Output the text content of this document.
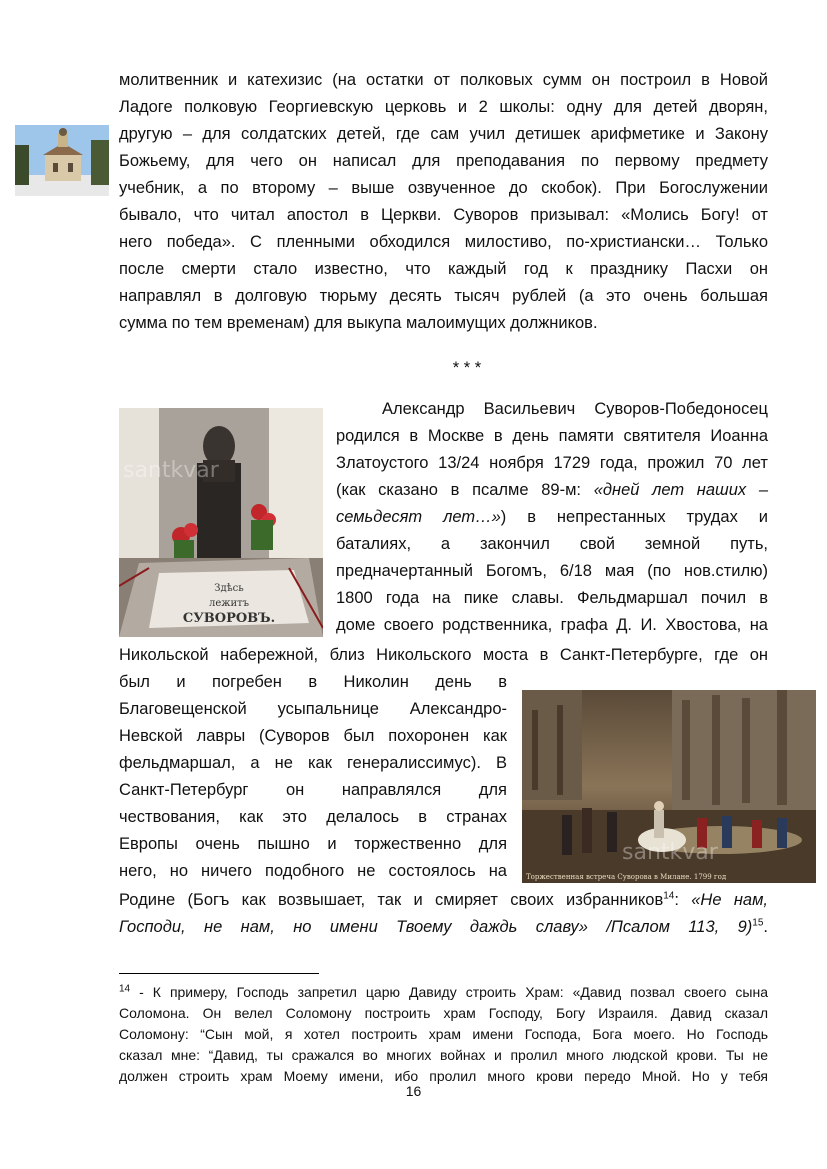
молитвенник и катехизис (на остатки от полковых сумм он построил в Новой
Ладоге полковую Георгиевскую церковь и 2 школы: одну для детей дворян,
другую – для солдатских детей, где сам учил детишек арифметике и Закону
Божьему, для чего он написал для преподавания по первому предмету
учебник, а по второму – выше озвученное до скобок). При Богослужении
бывало, что читал апостол в Церкви. Суворов призывал: «Молись Богу! от
него победа». С пленными обходился милостиво, по-христиански… Только
после смерти стало известно, что каждый год к празднику Пасхи он
направлял в долговую тюрьму десять тысяч рублей (а это очень большая
сумма по тем временам) для выкупа малоимущих должников.
* * *
Здѣсь
лежитъ
СУВОРОВЪ.
santkvar
Александр Васильевич Суворов-Победоносец
родился в Москве в день памяти святителя Иоанна
Златоустого 13/24 ноября 1729 года, прожил 70 лет
(как сказано в псалме 89-м: «дней лет наших –
семьдесят лет…») в непрестанных трудах и
баталиях, а закончил свой земной путь,
предначертанный Богомъ, 6/18 мая (по нов.стилю)
1800 года на пике славы. Фельдмаршал почил в
доме своего родственника, графа Д. И. Хвостова, на
Никольской набережной, близ Никольского моста в Санкт-Петербурге, где он
santkvar
Торжественная встреча Суворова в Милане. 1799 год
был и погребен в Николин день в
Благовещенской усыпальнице Александро-
Невской лавры (Суворов был похоронен как
фельдмаршал, а не как генералиссимус). В
Санкт-Петербург он направлялся для
чествования, как это делалось в странах
Европы очень пышно и торжественно для
него, но ничего подобного не состоялось на
Родине (Богъ как возвышает, так и смиряет своих избранников$^{14}$: «Не нам,
Господи, не нам, но имени Твоему даждь славу» /Псалом 113, 9)$^{15}$.
$^{14}$ - К примеру, Господь запретил царю Давиду строить Храм: «Давид позвал своего сына
Соломона. Он велел Соломону построить храм Господу, Богу Израиля. Давид сказал
Соломону: “Сын мой, я хотел построить храм имени Господа, Бога моего. Но Господь
сказал мне: “Давид, ты сражался во многих войнах и пролил много людской крови. Ты не
должен строить храм Моему имени, ибо пролил много крови передо Мной. Но у тебя
16
